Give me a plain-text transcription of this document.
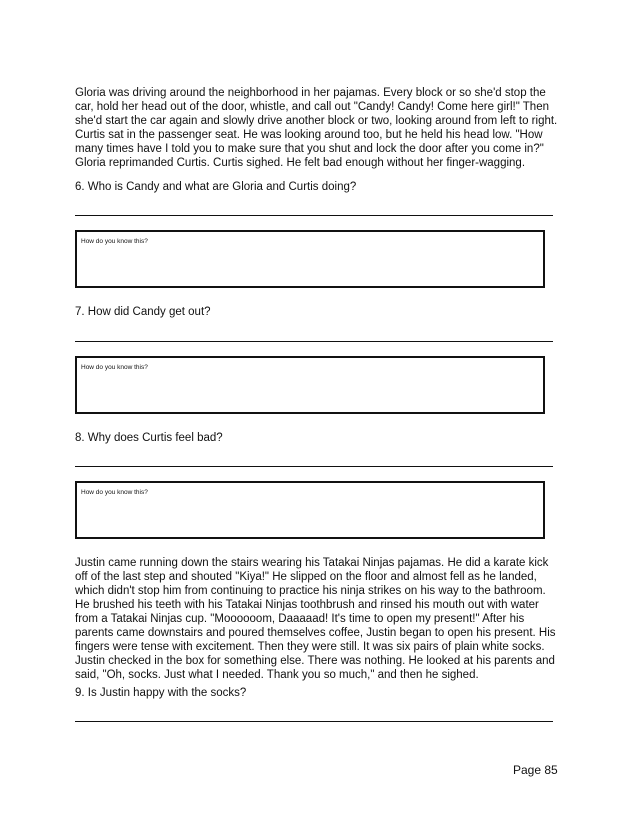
Gloria was driving around the neighborhood in her pajamas. Every block or so she'd stop the car, hold her head out of the door, whistle, and call out "Candy! Candy! Come here girl!" Then she'd start the car again and slowly drive another block or two, looking around from left to right. Curtis sat in the passenger seat. He was looking around too, but he held his head low. "How many times have I told you to make sure that you shut and lock the door after you come in?" Gloria reprimanded Curtis. Curtis sighed. He felt bad enough without her finger-wagging.

6. Who is Candy and what are Gloria and Curtis doing?

How do you know this?

7. How did Candy get out?

How do you know this?

8. Why does Curtis feel bad?

How do you know this?

Justin came running down the stairs wearing his Tatakai Ninjas pajamas. He did a karate kick off of the last step and shouted "Kiya!" He slipped on the floor and almost fell as he landed, which didn't stop him from continuing to practice his ninja strikes on his way to the bathroom. He brushed his teeth with his Tatakai Ninjas toothbrush and rinsed his mouth out with water from a Tatakai Ninjas cup. "Moooooom, Daaaaad! It's time to open my present!" After his parents came downstairs and poured themselves coffee, Justin began to open his present. His fingers were tense with excitement. Then they were still. It was six pairs of plain white socks. Justin checked in the box for something else. There was nothing. He looked at his parents and said, "Oh, socks. Just what I needed. Thank you so much," and then he sighed.

9. Is Justin happy with the socks?

Page 85
